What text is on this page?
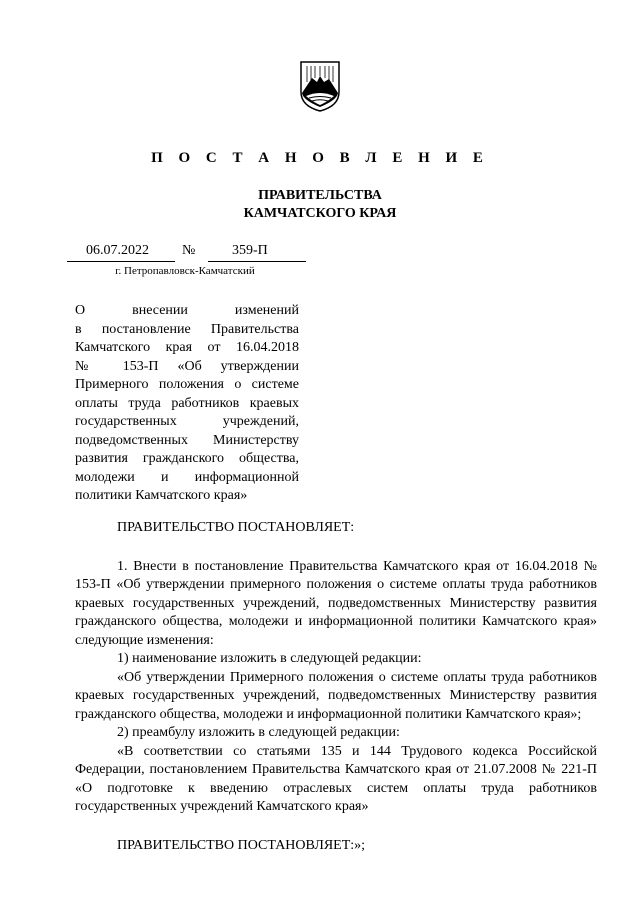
П О С Т А Н О В Л Е Н И Е
ПРАВИТЕЛЬСТВА
КАМЧАТСКОГО КРАЯ
06.07.2022 №	359-П
г. Петропавловск-Камчатский
О внесении изменений
в постановление Правительства
Камчатского края от 16.04.2018
№ 153-П «Об утверждении
Примерного положения о системе
оплаты труда работников краевых
государственных учреждений,
подведомственных Министерству
развития гражданского общества,
молодежи и информационной
политики Камчатского края»

ПРАВИТЕЛЬСТВО ПОСТАНОВЛЯЕТ:

1. Внести в постановление Правительства Камчатского края от 16.04.2018 № 153-П «Об утверждении примерного положения о системе оплаты труда работников краевых государственных учреждений, подведомственных Министерству развития гражданского общества, молодежи и информационной политики Камчатского края» следующие изменения:

1) наименование изложить в следующей редакции:

«Об утверждении Примерного положения о системе оплаты труда работников краевых государственных учреждений, подведомственных Министерству развития гражданского общества, молодежи и информационной политики Камчатского края»;

2) преамбулу изложить в следующей редакции:

«В соответствии со статьями 135 и 144 Трудового кодекса Российской Федерации, постановлением Правительства Камчатского края от 21.07.2008 № 221-П «О подготовке к введению отраслевых систем оплаты труда работников государственных учреждений Камчатского края»

ПРАВИТЕЛЬСТВО ПОСТАНОВЛЯЕТ:»;
